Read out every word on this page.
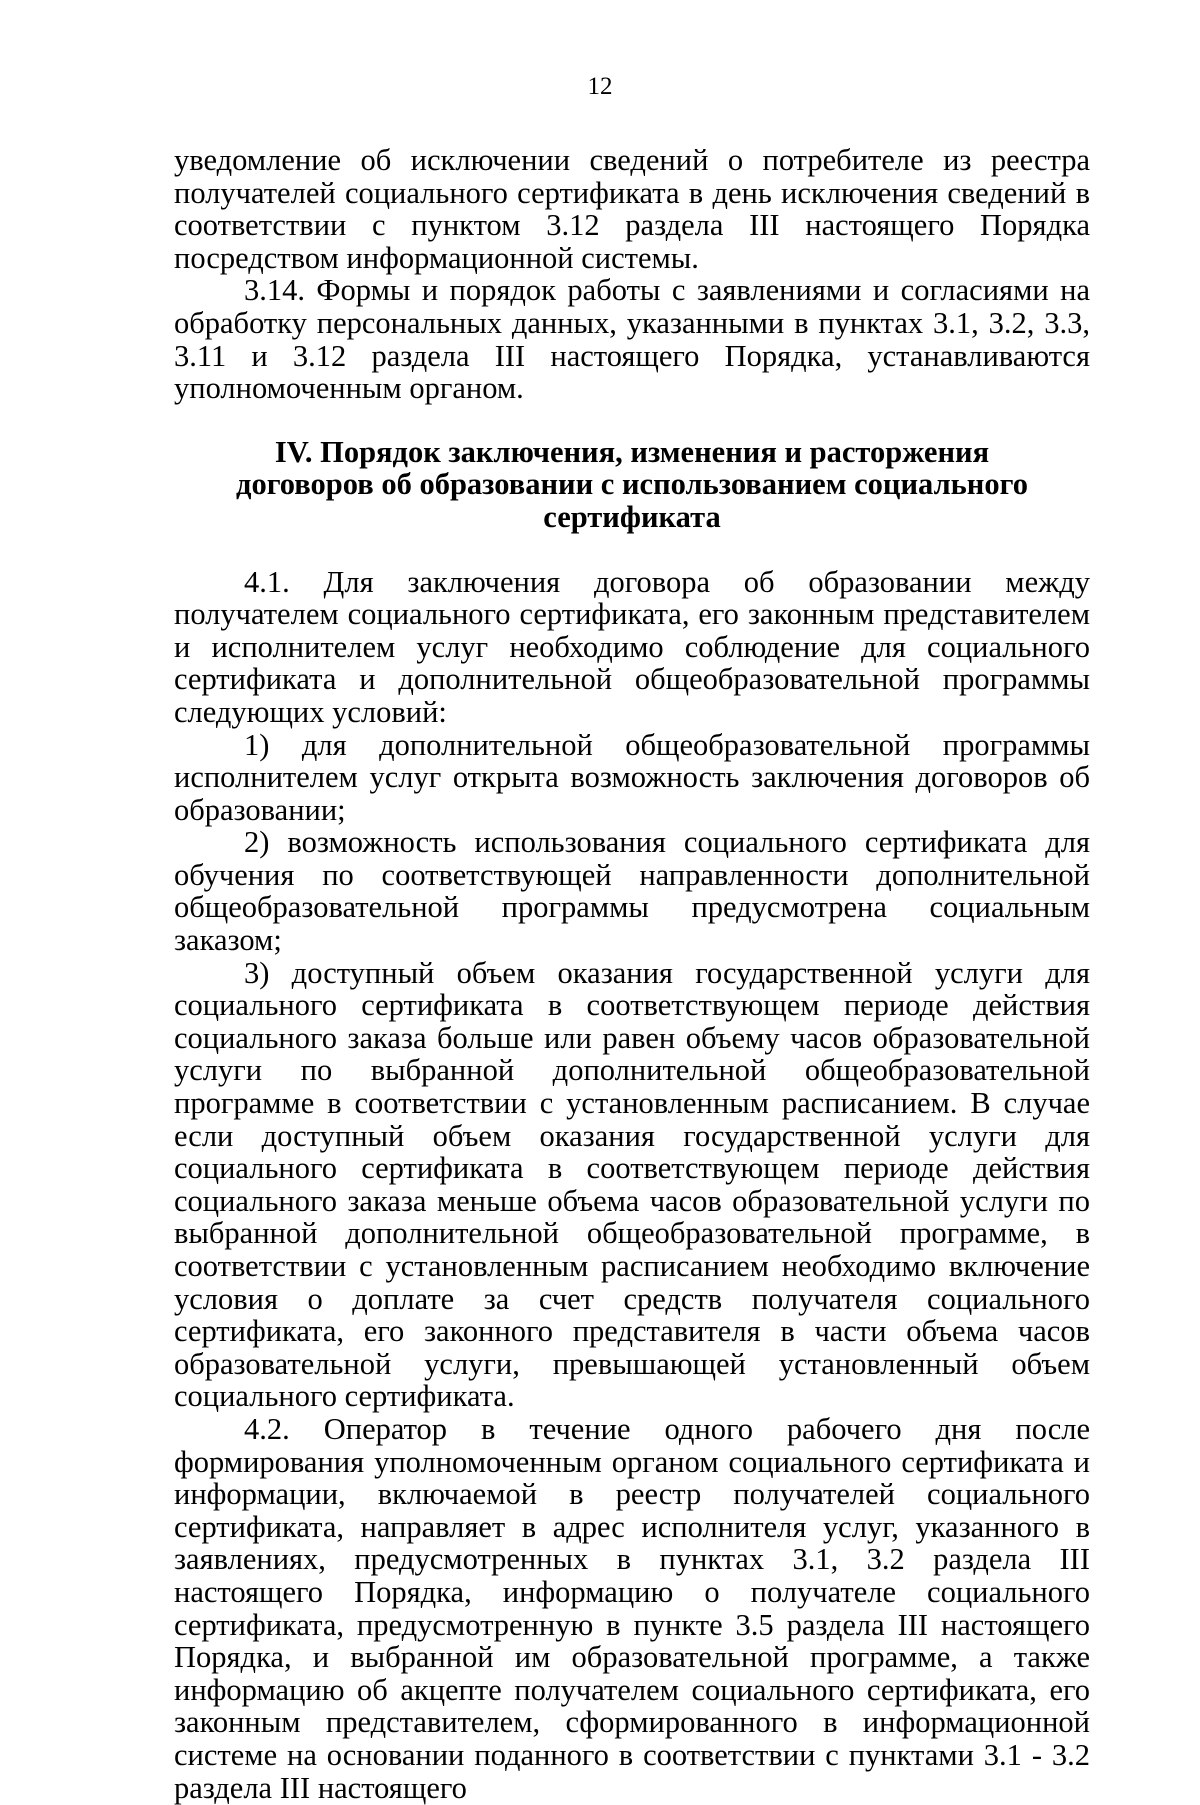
12

уведомление об исключении сведений о потребителе из реестра получателей социального сертификата в день исключения сведений в соответствии с пунктом 3.12 раздела III настоящего Порядка посредством информационной системы.

3.14. Формы и порядок работы с заявлениями и согласиями на обработку персональных данных, указанными в пунктах 3.1, 3.2, 3.3, 3.11 и 3.12 раздела III настоящего Порядка, устанавливаются уполномоченным органом.

IV. Порядок заключения, изменения и расторжения
договоров об образовании с использованием социального
сертификата

4.1. Для заключения договора об образовании между получателем социального сертификата, его законным представителем и исполнителем услуг необходимо соблюдение для социального сертификата и дополнительной общеобразовательной программы следующих условий:

1) для дополнительной общеобразовательной программы исполнителем услуг открыта возможность заключения договоров об образовании;

2) возможность использования социального сертификата для обучения по соответствующей направленности дополнительной общеобразовательной программы предусмотрена социальным заказом;

3) доступный объем оказания государственной услуги для социального сертификата в соответствующем периоде действия социального заказа больше или равен объему часов образовательной услуги по выбранной дополнительной общеобразовательной программе в соответствии с установленным расписанием. В случае если доступный объем оказания государственной услуги для социального сертификата в соответствующем периоде действия социального заказа меньше объема часов образовательной услуги по выбранной дополнительной общеобразовательной программе, в соответствии с установленным расписанием необходимо включение условия о доплате за счет средств получателя социального сертификата, его законного представителя в части объема часов образовательной услуги, превышающей установленный объем социального сертификата.

4.2. Оператор в течение одного рабочего дня после формирования уполномоченным органом социального сертификата и информации, включаемой в реестр получателей социального сертификата, направляет в адрес исполнителя услуг, указанного в заявлениях, предусмотренных в пунктах 3.1, 3.2 раздела III настоящего Порядка, информацию о получателе социального сертификата, предусмотренную в пункте 3.5 раздела III настоящего Порядка, и выбранной им образовательной программе, а также информацию об акцепте получателем социального сертификата, его законным представителем, сформированного в информационной системе на основании поданного в соответствии с пунктами 3.1 - 3.2 раздела III настоящего
